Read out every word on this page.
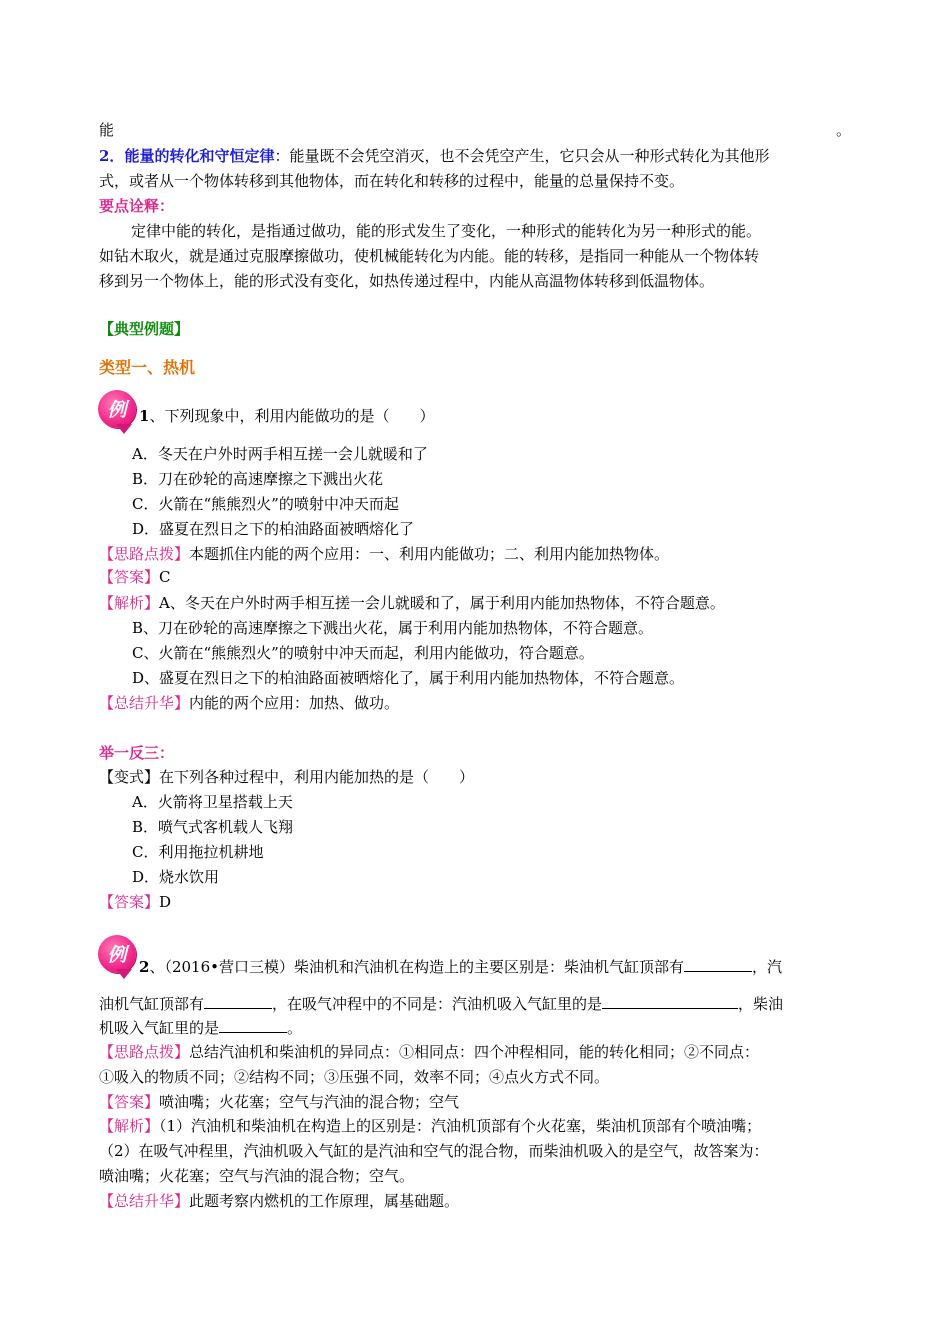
能	。
2．能量的转化和守恒定律：能量既不会凭空消灭，也不会凭空产生，它只会从一种形式转化为其他形
式，或者从一个物体转移到其他物体，而在转化和转移的过程中，能量的总量保持不变。
要点诠释：
定律中能的转化，是指通过做功，能的形式发生了变化，一种形式的能转化为另一种形式的能。
如钻木取火，就是通过克服摩擦做功，使机械能转化为内能。能的转移，是指同一种能从一个物体转
移到另一个物体上，能的形式没有变化，如热传递过程中，内能从高温物体转移到低温物体。
【典型例题】
类型一、热机
例 1、下列现象中，利用内能做功的是（　　）
A．冬天在户外时两手相互搓一会儿就暖和了
B．刀在砂轮的高速摩擦之下溅出火花
C．火箭在“熊熊烈火”的喷射中冲天而起
D．盛夏在烈日之下的柏油路面被晒熔化了
【思路点拨】本题抓住内能的两个应用：一、利用内能做功；二、利用内能加热物体。
【答案】C
【解析】A、冬天在户外时两手相互搓一会儿就暖和了，属于利用内能加热物体，不符合题意。
B、刀在砂轮的高速摩擦之下溅出火花，属于利用内能加热物体，不符合题意。
C、火箭在“熊熊烈火”的喷射中冲天而起，利用内能做功，符合题意。
D、盛夏在烈日之下的柏油路面被晒熔化了，属于利用内能加热物体，不符合题意。
【总结升华】内能的两个应用：加热、做功。
举一反三：
【变式】在下列各种过程中，利用内能加热的是（　　）
A．火箭将卫星搭载上天
B．喷气式客机载人飞翔
C．利用拖拉机耕地
D．烧水饮用
【答案】D
例
2、（2016•营口三模）柴油机和汽油机在构造上的主要区别是：柴油机气缸顶部有	，汽
油机气缸顶部有	，在吸气冲程中的不同是：汽油机吸入气缸里的是	，柴油
机吸入气缸里的是	。
【思路点拨】总结汽油机和柴油机的异同点：①相同点：四个冲程相同，能的转化相同；②不同点：
①吸入的物质不同；②结构不同；③压强不同，效率不同；④点火方式不同。
【答案】喷油嘴；火花塞；空气与汽油的混合物；空气
【解析】（1）汽油机和柴油机在构造上的区别是：汽油机顶部有个火花塞，柴油机顶部有个喷油嘴；
（2）在吸气冲程里，汽油机吸入气缸的是汽油和空气的混合物，而柴油机吸入的是空气，故答案为：
喷油嘴；火花塞；空气与汽油的混合物；空气。
【总结升华】此题考察内燃机的工作原理，属基础题。
